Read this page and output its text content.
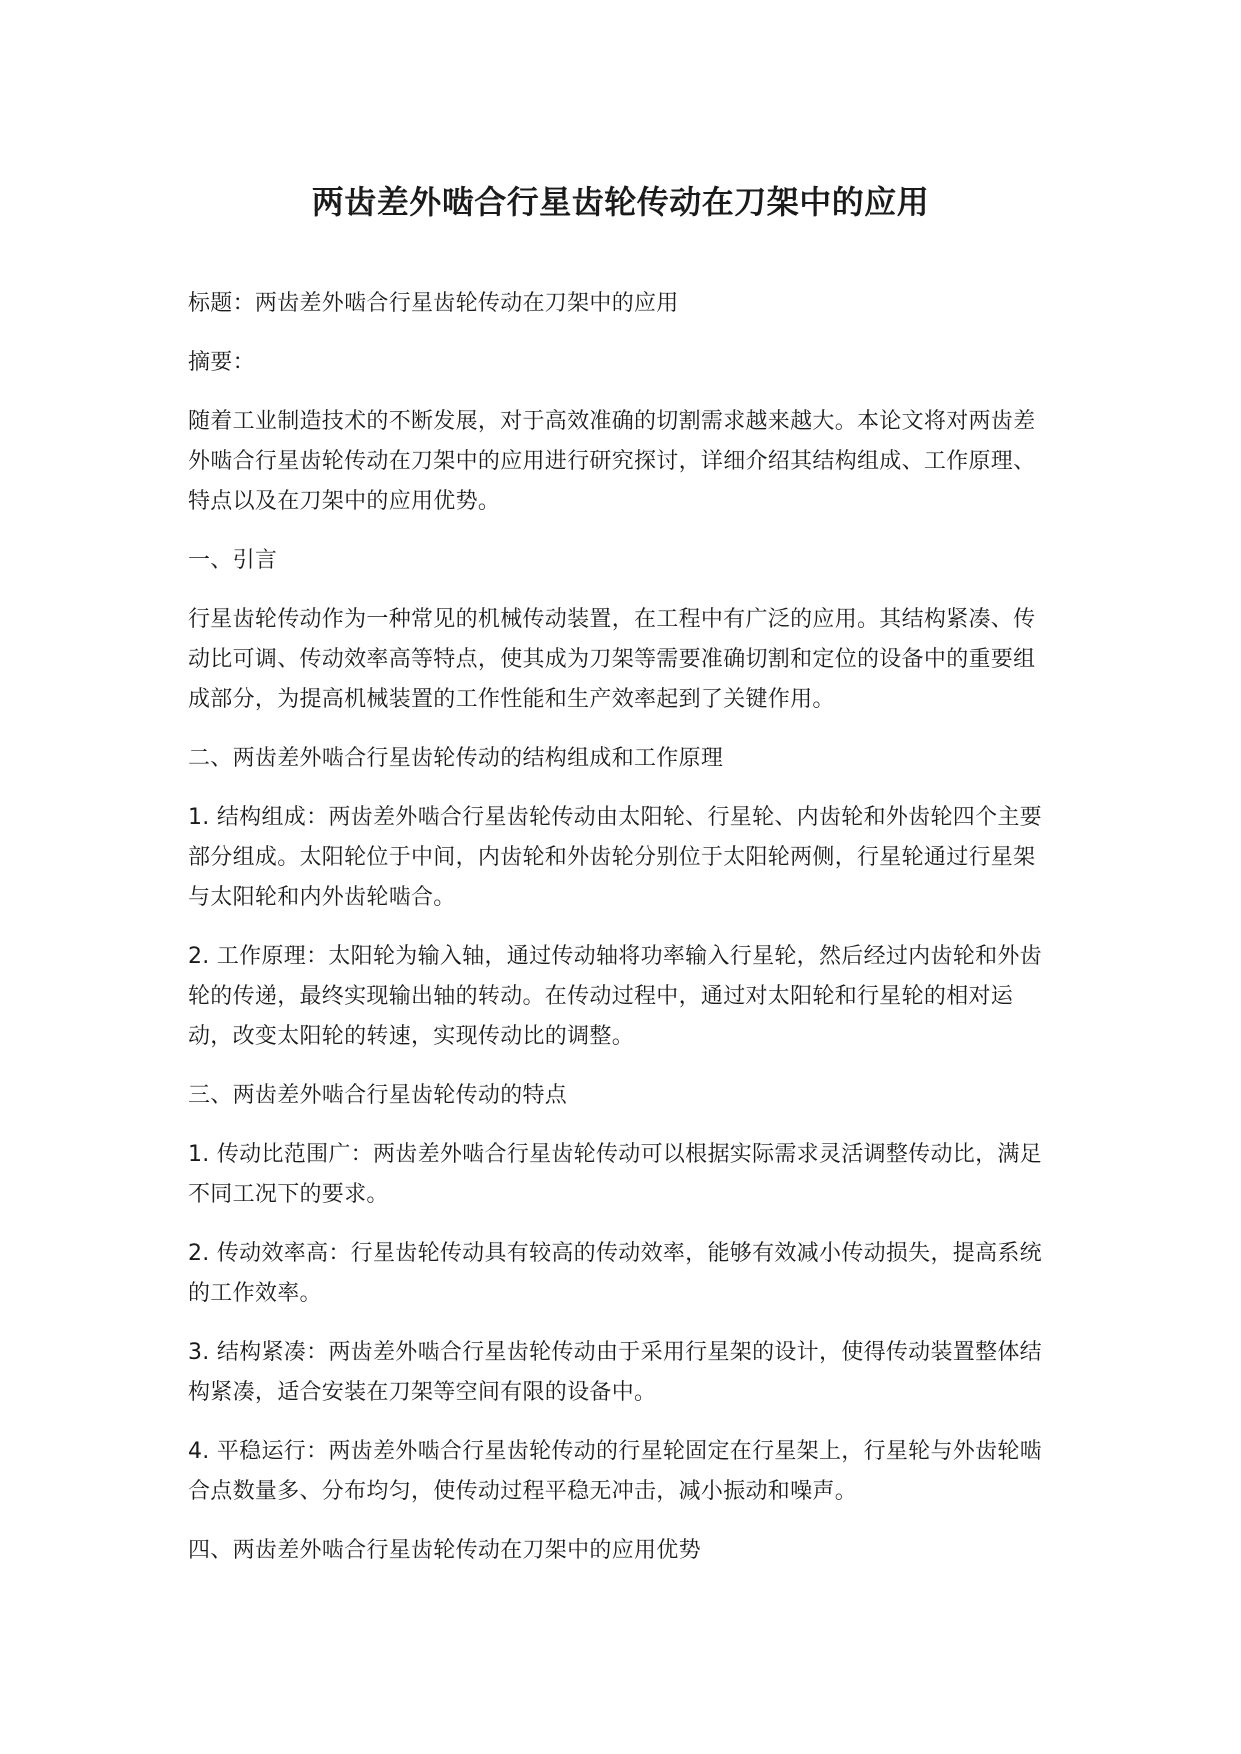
两齿差外啮合行星齿轮传动在刀架中的应用

标题：两齿差外啮合行星齿轮传动在刀架中的应用

摘要：

随着工业制造技术的不断发展，对于高效准确的切割需求越来越大。本论文将对两齿差外啮合行星齿轮传动在刀架中的应用进行研究探讨，详细介绍其结构组成、工作原理、特点以及在刀架中的应用优势。

一、引言

行星齿轮传动作为一种常见的机械传动装置，在工程中有广泛的应用。其结构紧凑、传动比可调、传动效率高等特点，使其成为刀架等需要准确切割和定位的设备中的重要组成部分，为提高机械装置的工作性能和生产效率起到了关键作用。

二、两齿差外啮合行星齿轮传动的结构组成和工作原理

1. 结构组成：两齿差外啮合行星齿轮传动由太阳轮、行星轮、内齿轮和外齿轮四个主要部分组成。太阳轮位于中间，内齿轮和外齿轮分别位于太阳轮两侧，行星轮通过行星架与太阳轮和内外齿轮啮合。

2. 工作原理：太阳轮为输入轴，通过传动轴将功率输入行星轮，然后经过内齿轮和外齿轮的传递，最终实现输出轴的转动。在传动过程中，通过对太阳轮和行星轮的相对运动，改变太阳轮的转速，实现传动比的调整。

三、两齿差外啮合行星齿轮传动的特点

1. 传动比范围广：两齿差外啮合行星齿轮传动可以根据实际需求灵活调整传动比，满足不同工况下的要求。

2. 传动效率高：行星齿轮传动具有较高的传动效率，能够有效减小传动损失，提高系统的工作效率。

3. 结构紧凑：两齿差外啮合行星齿轮传动由于采用行星架的设计，使得传动装置整体结构紧凑，适合安装在刀架等空间有限的设备中。

4. 平稳运行：两齿差外啮合行星齿轮传动的行星轮固定在行星架上，行星轮与外齿轮啮合点数量多、分布均匀，使传动过程平稳无冲击，减小振动和噪声。

四、两齿差外啮合行星齿轮传动在刀架中的应用优势
